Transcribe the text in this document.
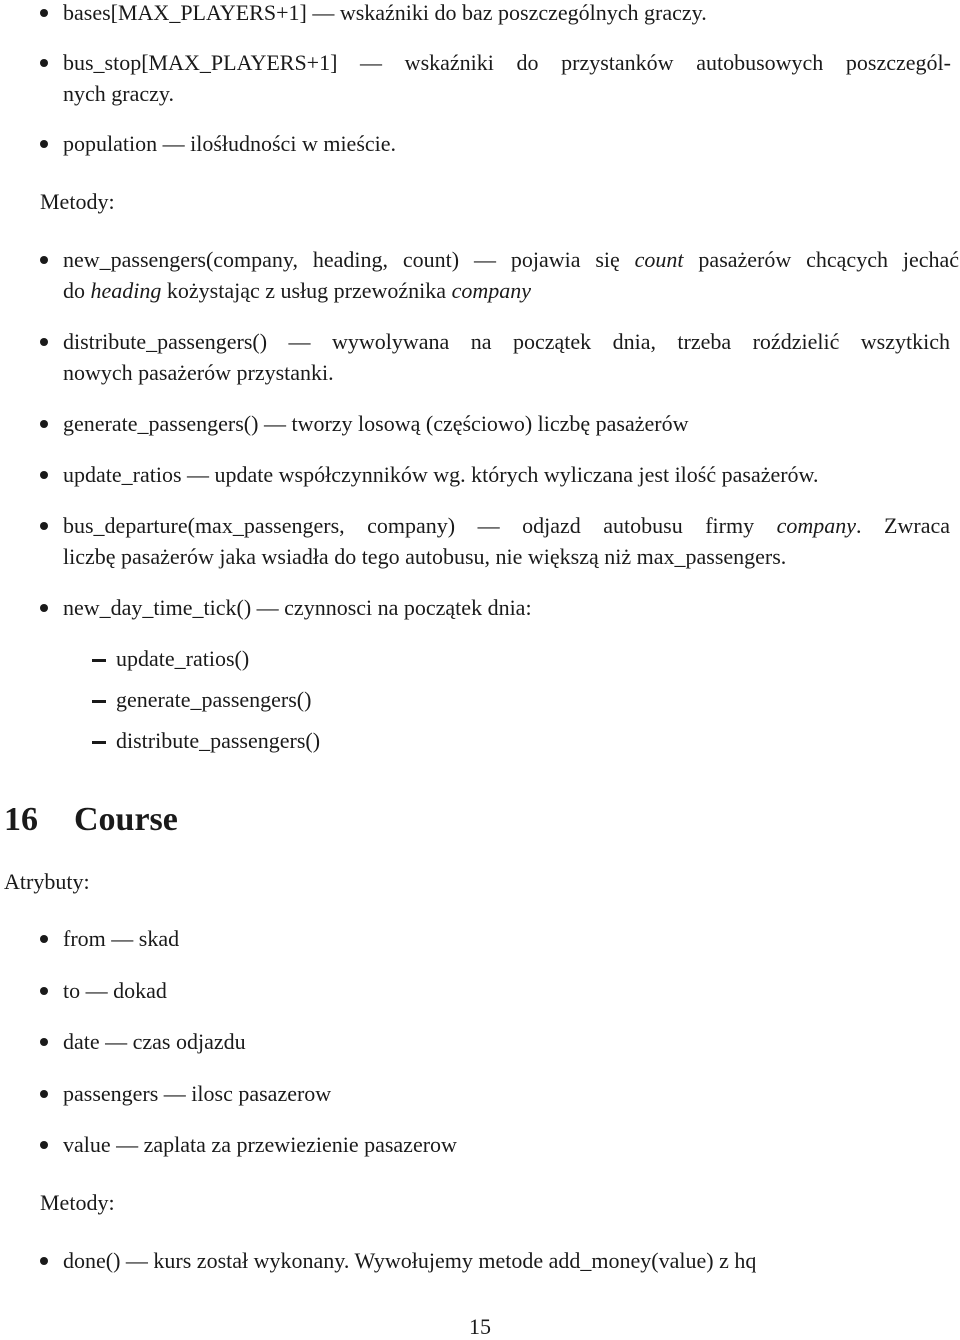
bases[MAX_PLAYERS+1] — wskaźniki do baz poszczególnych graczy.
bus_stop[MAX_PLAYERS+1] — wskaźniki do przystanków autobusowych poszczegól-
nych graczy.
population — ilośłudności w mieście.
Metody:
new_passengers(company, heading, count) — pojawia się count pasażerów chcących jechać
do heading kożystając z usług przewoźnika company
distribute_passengers() — wywolywana na początek dnia, trzeba roździelić wszytkich
nowych pasażerów przystanki.
generate_passengers() — tworzy losową (częściowo) liczbę pasażerów
update_ratios — update współczynników wg. których wyliczana jest ilość pasażerów.
bus_departure(max_passengers, company) — odjazd autobusu firmy company. Zwraca
liczbę pasażerów jaka wsiadła do tego autobusu, nie większą niż max_passengers.
new_day_time_tick() — czynnosci na początek dnia:
update_ratios()
generate_passengers()
distribute_passengers()
16 Course
Atrybuty:
from — skad
to — dokad
date — czas odjazdu
passengers — ilosc pasazerow
value — zaplata za przewiezienie pasazerow
Metody:
done() — kurs został wykonany. Wywołujemy metode add_money(value) z hq
15
